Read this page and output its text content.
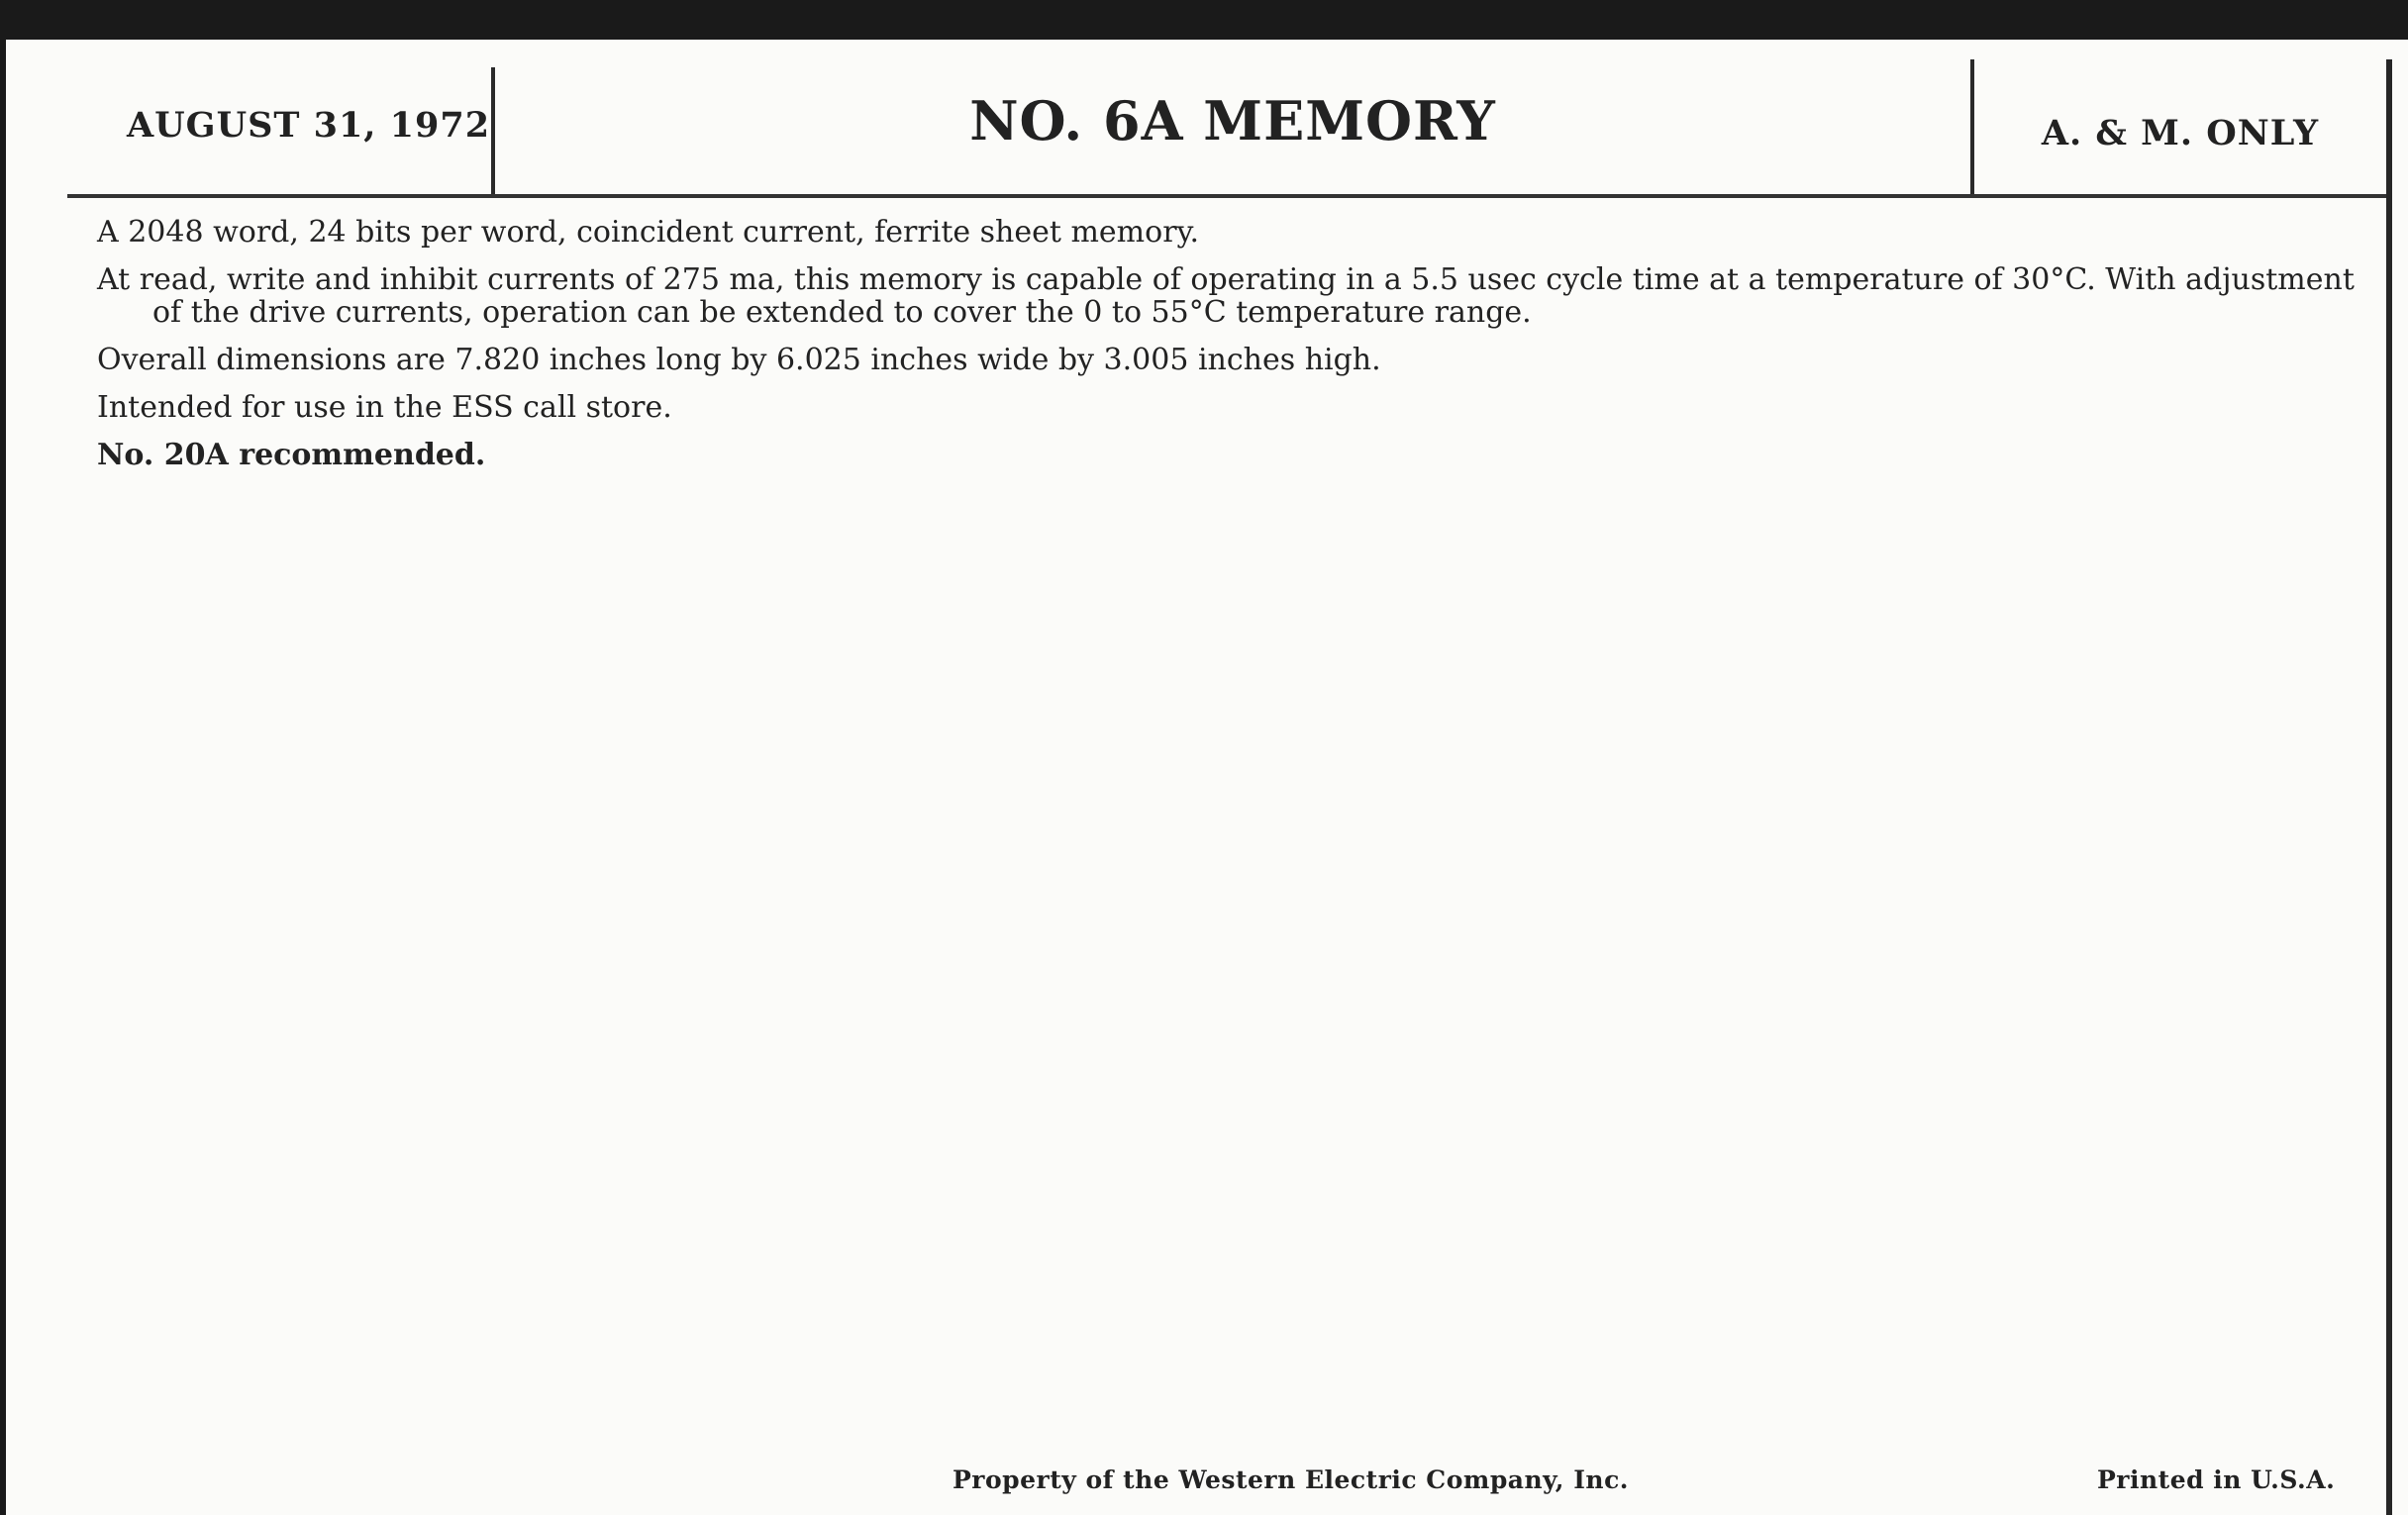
AUGUST 31, 1972	NO. 6A MEMORY	A. & M. ONLY

A 2048 word, 24 bits per word, coincident current, ferrite sheet memory.

At read, write and inhibit currents of 275 ma, this memory is capable of operating in a 5.5 usec cycle time at a temperature of 30°C. With adjustment of the drive currents, operation can be extended to cover the 0 to 55°C temperature range.

Overall dimensions are 7.820 inches long by 6.025 inches wide by 3.005 inches high.

Intended for use in the ESS call store.

No. 20A recommended.

Property of the Western Electric Company, Inc.	Printed in U.S.A.
